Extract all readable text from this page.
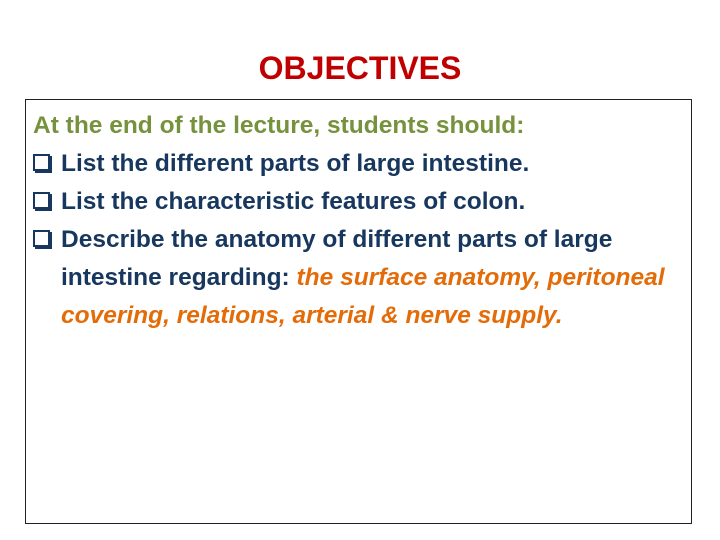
OBJECTIVES
At the end of the lecture, students should:
List the different parts of large intestine.
List the characteristic features of colon.
Describe the anatomy of different parts of large intestine regarding: the surface anatomy, peritoneal covering, relations, arterial & nerve supply.
